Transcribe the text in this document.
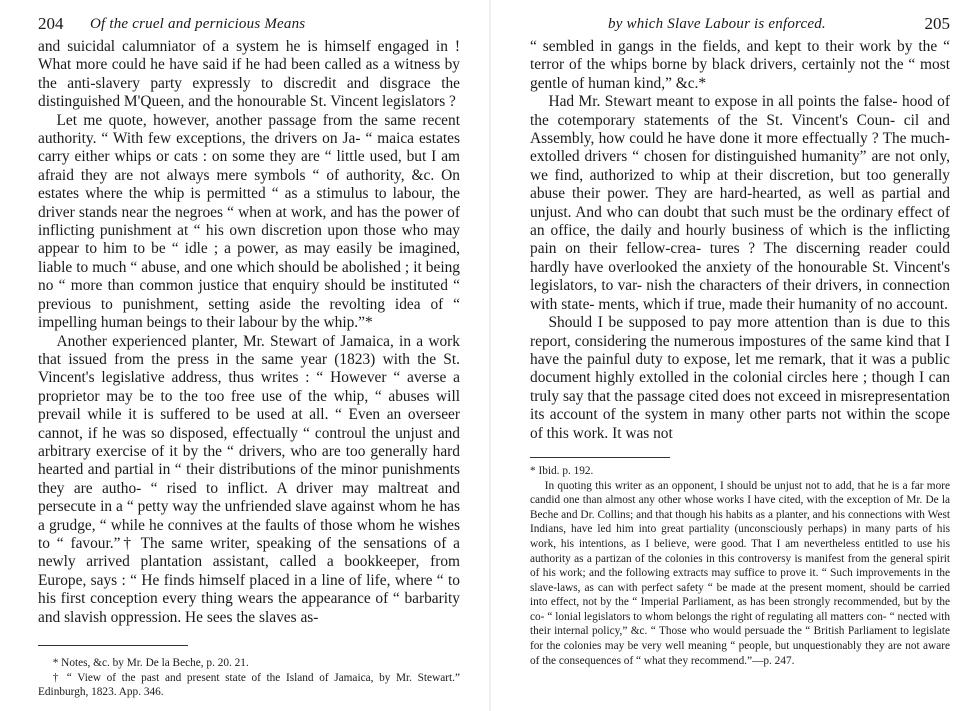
204 Of the cruel and pernicious Means

and suicidal calumniator of a system he is himself engaged in ! What more could he have said if he had been called as a witness by the anti-slavery party expressly to discredit and disgrace the distinguished M'Queen, and the honourable St. Vincent legislators ?

Let me quote, however, another passage from the same recent authority. “ With few exceptions, the drivers on Ja- “ maica estates carry either whips or cats : on some they are “ little used, but I am afraid they are not always mere symbols “ of authority, &c. On estates where the whip is permitted “ as a stimulus to labour, the driver stands near the negroes “ when at work, and has the power of inflicting punishment at “ his own discretion upon those who may appear to him to be “ idle ; a power, as may easily be imagined, liable to much “ abuse, and one which should be abolished ; it being no “ more than common justice that enquiry should be instituted “ previous to punishment, setting aside the revolting idea of “ impelling human beings to their labour by the whip.”*

Another experienced planter, Mr. Stewart of Jamaica, in a work that issued from the press in the same year (1823) with the St. Vincent's legislative address, thus writes : “ However “ averse a proprietor may be to the too free use of the whip, “ abuses will prevail while it is suffered to be used at all. “ Even an overseer cannot, if he was so disposed, effectually “ controul the unjust and arbitrary exercise of it by the “ drivers, who are too generally hard hearted and partial in “ their distributions of the minor punishments they are autho- “ rised to inflict. A driver may maltreat and persecute in a “ petty way the unfriended slave against whom he has a grudge, “ while he connives at the faults of those whom he wishes to “ favour.”† The same writer, speaking of the sensations of a newly arrived plantation assistant, called a bookkeeper, from Europe, says : “ He finds himself placed in a line of life, where “ to his first conception every thing wears the appearance of “ barbarity and slavish oppression. He sees the slaves as-

* Notes, &c. by Mr. De la Beche, p. 20. 21.

† “ View of the past and present state of the Island of Jamaica, by Mr. Stewart.” Edinburgh, 1823. App. 346.

by which Slave Labour is enforced.	205

“ sembled in gangs in the fields, and kept to their work by the “ terror of the whips borne by black drivers, certainly not the “ most gentle of human kind,” &c.*

Had Mr. Stewart meant to expose in all points the false- hood of the cotemporary statements of the St. Vincent's Coun- cil and Assembly, how could he have done it more effectually ? The much-extolled drivers “ chosen for distinguished humanity” are not only, we find, authorized to whip at their discretion, but too generally abuse their power. They are hard-hearted, as well as partial and unjust. And who can doubt that such must be the ordinary effect of an office, the daily and hourly business of which is the inflicting pain on their fellow-crea- tures ? The discerning reader could hardly have overlooked the anxiety of the honourable St. Vincent's legislators, to var- nish the characters of their drivers, in connection with state- ments, which if true, made their humanity of no account.

Should I be supposed to pay more attention than is due to this report, considering the numerous impostures of the same kind that I have the painful duty to expose, let me remark, that it was a public document highly extolled in the colonial circles here ; though I can truly say that the passage cited does not exceed in misrepresentation its account of the system in many other parts not within the scope of this work. It was not

* Ibid. p. 192.

In quoting this writer as an opponent, I should be unjust not to add, that he is a far more candid one than almost any other whose works I have cited, with the exception of Mr. De la Beche and Dr. Collins; and that though his habits as a planter, and his connections with West Indians, have led him into great partiality (unconsciously perhaps) in many parts of his work, his intentions, as I believe, were good. That I am nevertheless entitled to use his authority as a partizan of the colonies in this controversy is manifest from the general spirit of his work; and the following extracts may suffice to prove it. “ Such improvements in the slave-laws, as can with perfect safety “ be made at the present moment, should be carried into effect, not by the “ Imperial Parliament, as has been strongly recommended, but by the co- “ lonial legislators to whom belongs the right of regulating all matters con- “ nected with their internal policy,” &c. “ Those who would persuade the “ British Parliament to legislate for the colonies may be very well meaning “ people, but unquestionably they are not aware of the consequences of “ what they recommend.”—p. 247.
